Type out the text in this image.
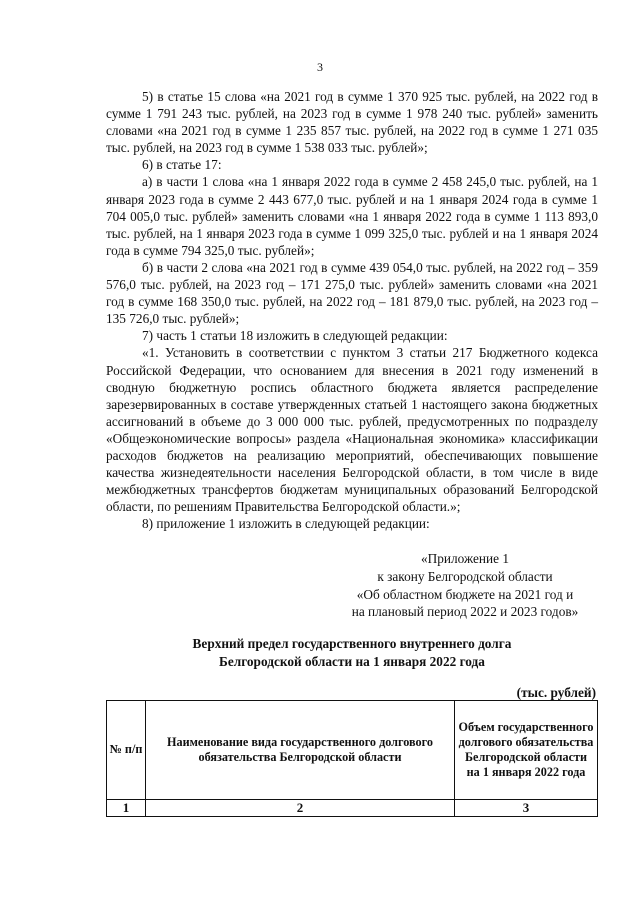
3

5) в статье 15 слова «на 2021 год в сумме 1 370 925 тыс. рублей, на 2022 год в сумме 1 791 243 тыс. рублей, на 2023 год в сумме 1 978 240 тыс. рублей» заменить словами «на 2021 год в сумме 1 235 857 тыс. рублей, на 2022 год в сумме 1 271 035 тыс. рублей, на 2023 год в сумме 1 538 033 тыс. рублей»;

6) в статье 17:

а) в части 1 слова «на 1 января 2022 года в сумме 2 458 245,0 тыс. рублей, на 1 января 2023 года в сумме 2 443 677,0 тыс. рублей и на 1 января 2024 года в сумме 1 704 005,0 тыс. рублей» заменить словами «на 1 января 2022 года в сумме 1 113 893,0 тыс. рублей, на 1 января 2023 года в сумме 1 099 325,0 тыс. рублей и на 1 января 2024 года в сумме 794 325,0 тыс. рублей»;

б) в части 2 слова «на 2021 год в сумме 439 054,0 тыс. рублей, на 2022 год – 359 576,0 тыс. рублей, на 2023 год – 171 275,0 тыс. рублей» заменить словами «на 2021 год в сумме 168 350,0 тыс. рублей, на 2022 год – 181 879,0 тыс. рублей, на 2023 год – 135 726,0 тыс. рублей»;

7) часть 1 статьи 18 изложить в следующей редакции:

«1. Установить в соответствии с пунктом 3 статьи 217 Бюджетного кодекса Российской Федерации, что основанием для внесения в 2021 году изменений в сводную бюджетную роспись областного бюджета является распределение зарезервированных в составе утвержденных статьей 1 настоящего закона бюджетных ассигнований в объеме до 3 000 000 тыс. рублей, предусмотренных по подразделу «Общеэкономические вопросы» раздела «Национальная экономика» классификации расходов бюджетов на реализацию мероприятий, обеспечивающих повышение качества жизнедеятельности населения Белгородской области, в том числе в виде межбюджетных трансфертов бюджетам муниципальных образований Белгородской области, по решениям Правительства Белгородской области.»;

8) приложение 1 изложить в следующей редакции:

«Приложение 1
к закону Белгородской области
«Об областном бюджете на 2021 год и
на плановый период 2022 и 2023 годов»
Верхний предел государственного внутреннего долга
Белгородской области на 1 января 2022 года
(тыс. рублей)
№ п/п	Наименование вида государственного долгового обязательства Белгородской области	Объем государственного долгового обязательства Белгородской области на 1 января 2022 года
1	2	3
